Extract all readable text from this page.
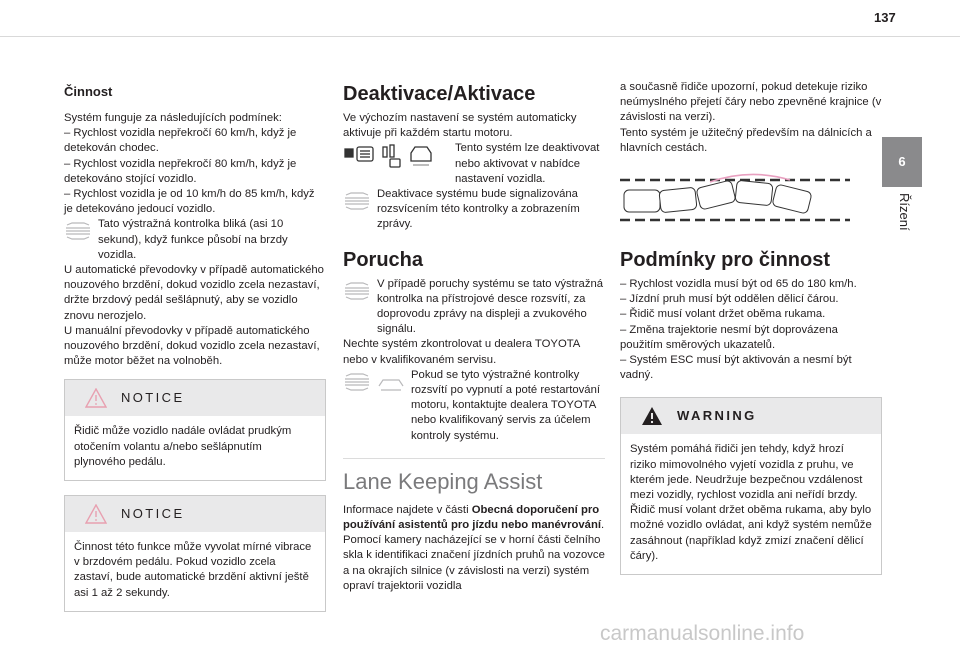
137
6
Řízení
Činnost
Systém funguje za následujících podmínek:
– Rychlost vozidla nepřekročí 60 km/h, když je detekován chodec.
– Rychlost vozidla nepřekročí 80 km/h, když je detekováno stojící vozidlo.
– Rychlost vozidla je od 10 km/h do 85 km/h, když je detekováno jedoucí vozidlo.
Tato výstražná kontrolka bliká (asi 10 sekund), když funkce působí na brzdy vozidla.
U automatické převodovky v případě automatického nouzového brzdění, dokud vozidlo zcela nezastaví, držte brzdový pedál sešlápnutý, aby se vozidlo znovu nerozjelo.
U manuální převodovky v případě automatického nouzového brzdění, dokud vozidlo zcela nezastaví, může motor běžet na volnoběh.
NOTICE
Řidič může vozidlo nadále ovládat prudkým otočením volantu a/nebo sešlápnutím plynového pedálu.
NOTICE
Činnost této funkce může vyvolat mírné vibrace v brzdovém pedálu. Pokud vozidlo zcela zastaví, bude automatické brzdění aktivní ještě asi 1 až 2 sekundy.
Deaktivace/Aktivace
Ve výchozím nastavení se systém automaticky aktivuje při každém startu motoru.
Tento systém lze deaktivovat nebo aktivovat v nabídce nastavení vozidla.
Deaktivace systému bude signalizována rozsvícením této kontrolky a zobrazením zprávy.
Porucha
V případě poruchy systému se tato výstražná kontrolka na přístrojové desce rozsvítí, za doprovodu zprávy na displeji a zvukového signálu.
Nechte systém zkontrolovat u dealera TOYOTA nebo v kvalifikovaném servisu.
Pokud se tyto výstražné kontrolky rozsvítí po vypnutí a poté restartování motoru, kontaktujte dealera TOYOTA nebo kvalifikovaný servis za účelem kontroly systému.
Lane Keeping Assist
Informace najdete v části Obecná doporučení pro používání asistentů pro jízdu nebo manévrování.
Pomocí kamery nacházející se v horní části čelního skla k identifikaci značení jízdních pruhů na vozovce a na okrajích silnice (v závislosti na verzi) systém opraví trajektorii vozidla
a současně řidiče upozorní, pokud detekuje riziko neúmyslného přejetí čáry nebo zpevněné krajnice (v závislosti na verzi).
Tento systém je užitečný především na dálnicích a hlavních cestách.
Podmínky pro činnost
– Rychlost vozidla musí být od 65 do 180 km/h.
– Jízdní pruh musí být oddělen dělicí čárou.
– Řidič musí volant držet oběma rukama.
– Změna trajektorie nesmí být doprovázena použitím směrových ukazatelů.
– Systém ESC musí být aktivován a nesmí být vadný.
WARNING
Systém pomáhá řidiči jen tehdy, když hrozí riziko mimovolného vyjetí vozidla z pruhu, ve kterém jede. Neudržuje bezpečnou vzdálenost mezi vozidly, rychlost vozidla ani neřídí brzdy.
Řidič musí volant držet oběma rukama, aby bylo možné vozidlo ovládat, ani když systém nemůže zasáhnout (například když zmizí značení dělicí čáry).
carmanualsonline.info
